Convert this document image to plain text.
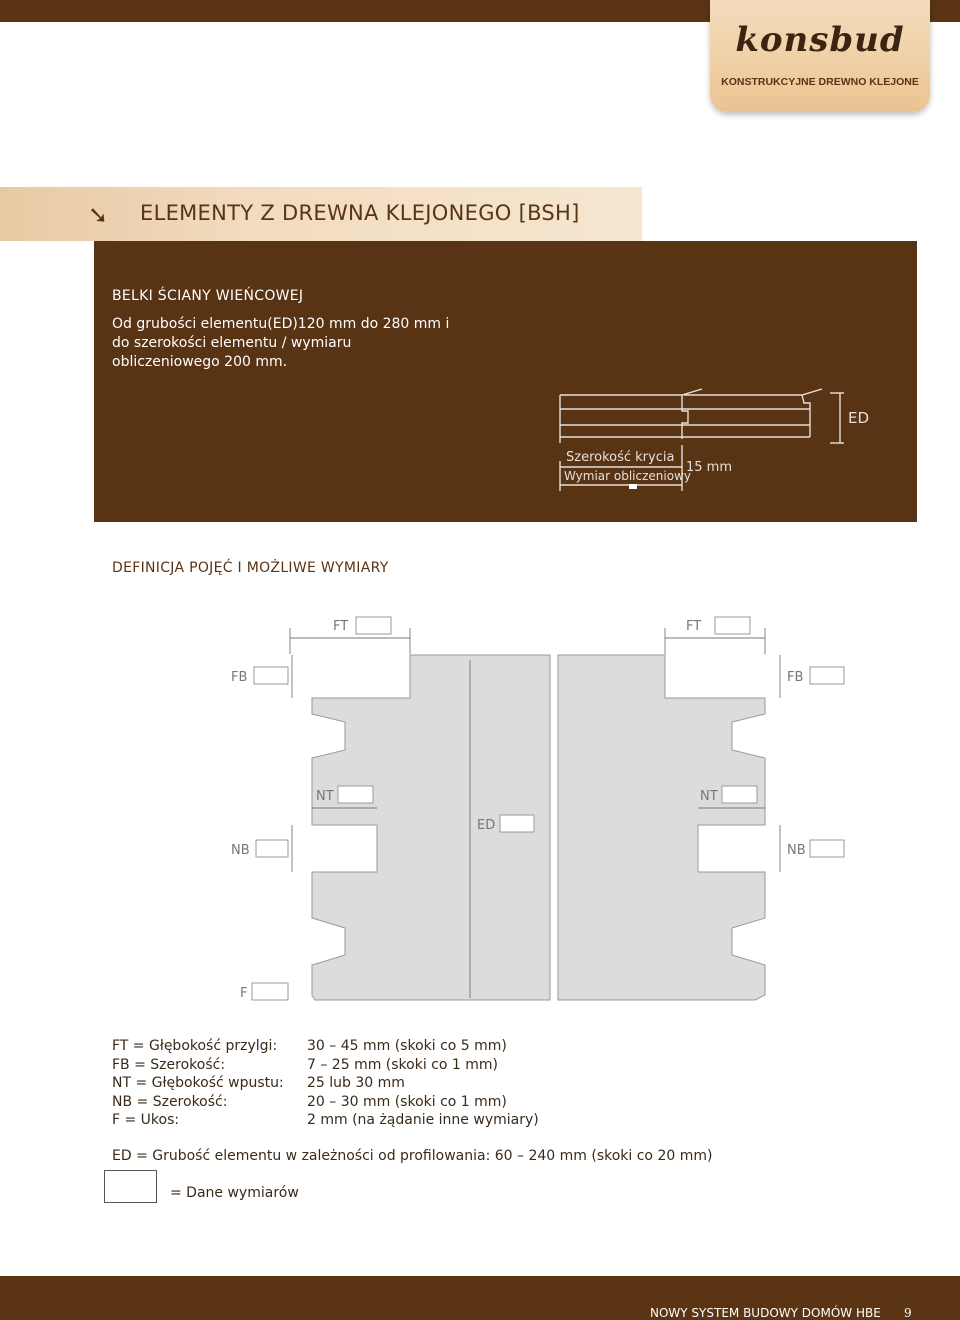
konsbud
KONSTRUKCYJNE DREWNO KLEJONE
➘ ELEMENTY Z DREWNA KLEJONEGO [BSH]
BELKI ŚCIANY WIEŃCOWEJ
Od grubości elementu(ED)120 mm do 280 mm i do szerokości elementu / wymiaru obliczeniowego 200 mm.
ED
Szerokość krycia
Wymiar obliczeniowy
15 mm
DEFINICJA POJĘĆ I MOŻLIWE WYMIARY
FT	FT
FB	FB
NT	NT
NB	NB
ED
F
FT = Głębokość przylgi: 30 – 45 mm (skoki co 5 mm)
FB = Szerokość:	7 – 25 mm (skoki co 1 mm)
NT = Głębokość wpustu: 25 lub 30 mm
NB = Szerokość:	20 – 30 mm (skoki co 1 mm)
F = Ukos:	2 mm (na żądanie inne wymiary)
ED = Grubość elementu w zależności od profilowania: 60 – 240 mm (skoki co 20 mm)
= Dane wymiarów
NOWY SYSTEM BUDOWY DOMÓW HBE 9
